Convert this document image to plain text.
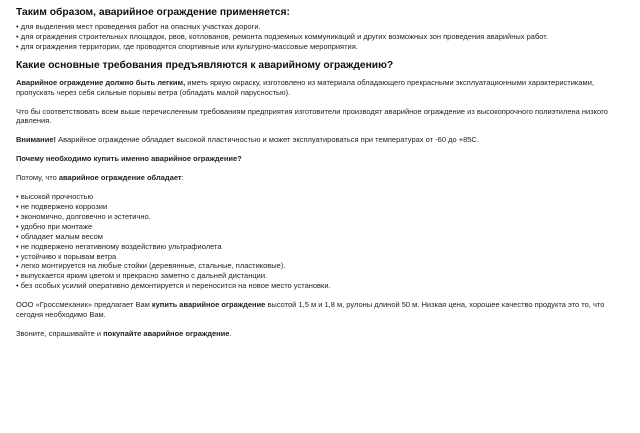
Таким образом, аварийное ограждение применяется:

• для выделения мест проведения работ на опасных участках дороги.

• для ограждения строительных площадок, рвов, котлованов, ремонта подземных коммуникаций и других возможных зон проведения аварийных работ.

• для ограждения территории, где проводятся спортивные или культурно-массовые мероприятия.

Какие основные требования предъявляются к аварийному ограждению?

Аварийное ограждение должно быть легким, иметь яркую окраску, изготовлено из материала обладающего прекрасными эксплуатационными характеристиками, пропускать через себя сильные порывы ветра (обладать малой парусностью).

Что бы соответствовать всем выше перечисленным требованиям предприятия изготовители производят аварийное ограждение из высокопрочного полиэтилена низкого давления.

Внимание! Аварийное ограждение обладает высокой пластичностью и может эксплуатироваться при температурах от -60 до +85С.

Почему необходимо купить именно аварийное ограждение?

Потому, что аварийное ограждение обладает:

• высокой прочностью

• не подвержено коррозии

• экономично, долговечно и эстетично.

• удобно при монтаже

• обладает малым весом

• не подвержено негативному воздействию ультрафиолета

• устойчиво к порывам ветра

• легко монтируется на любые стойки (деревянные, стальные, пластиковые).

• выпускается ярким цветом и прекрасно заметно с дальней дистанции.

• без особых усилий оперативно демонтируется и переносится на новое место установки.

ООО «Гроссмеханик» предлагает Вам купить аварийное ограждение высотой 1,5 м и 1,8 м, рулоны длиной 50 м. Низкая цена, хорошее качество продукта это то, что сегодня необходимо Вам.

Звоните, спрашивайте и покупайте аварийное ограждение.
